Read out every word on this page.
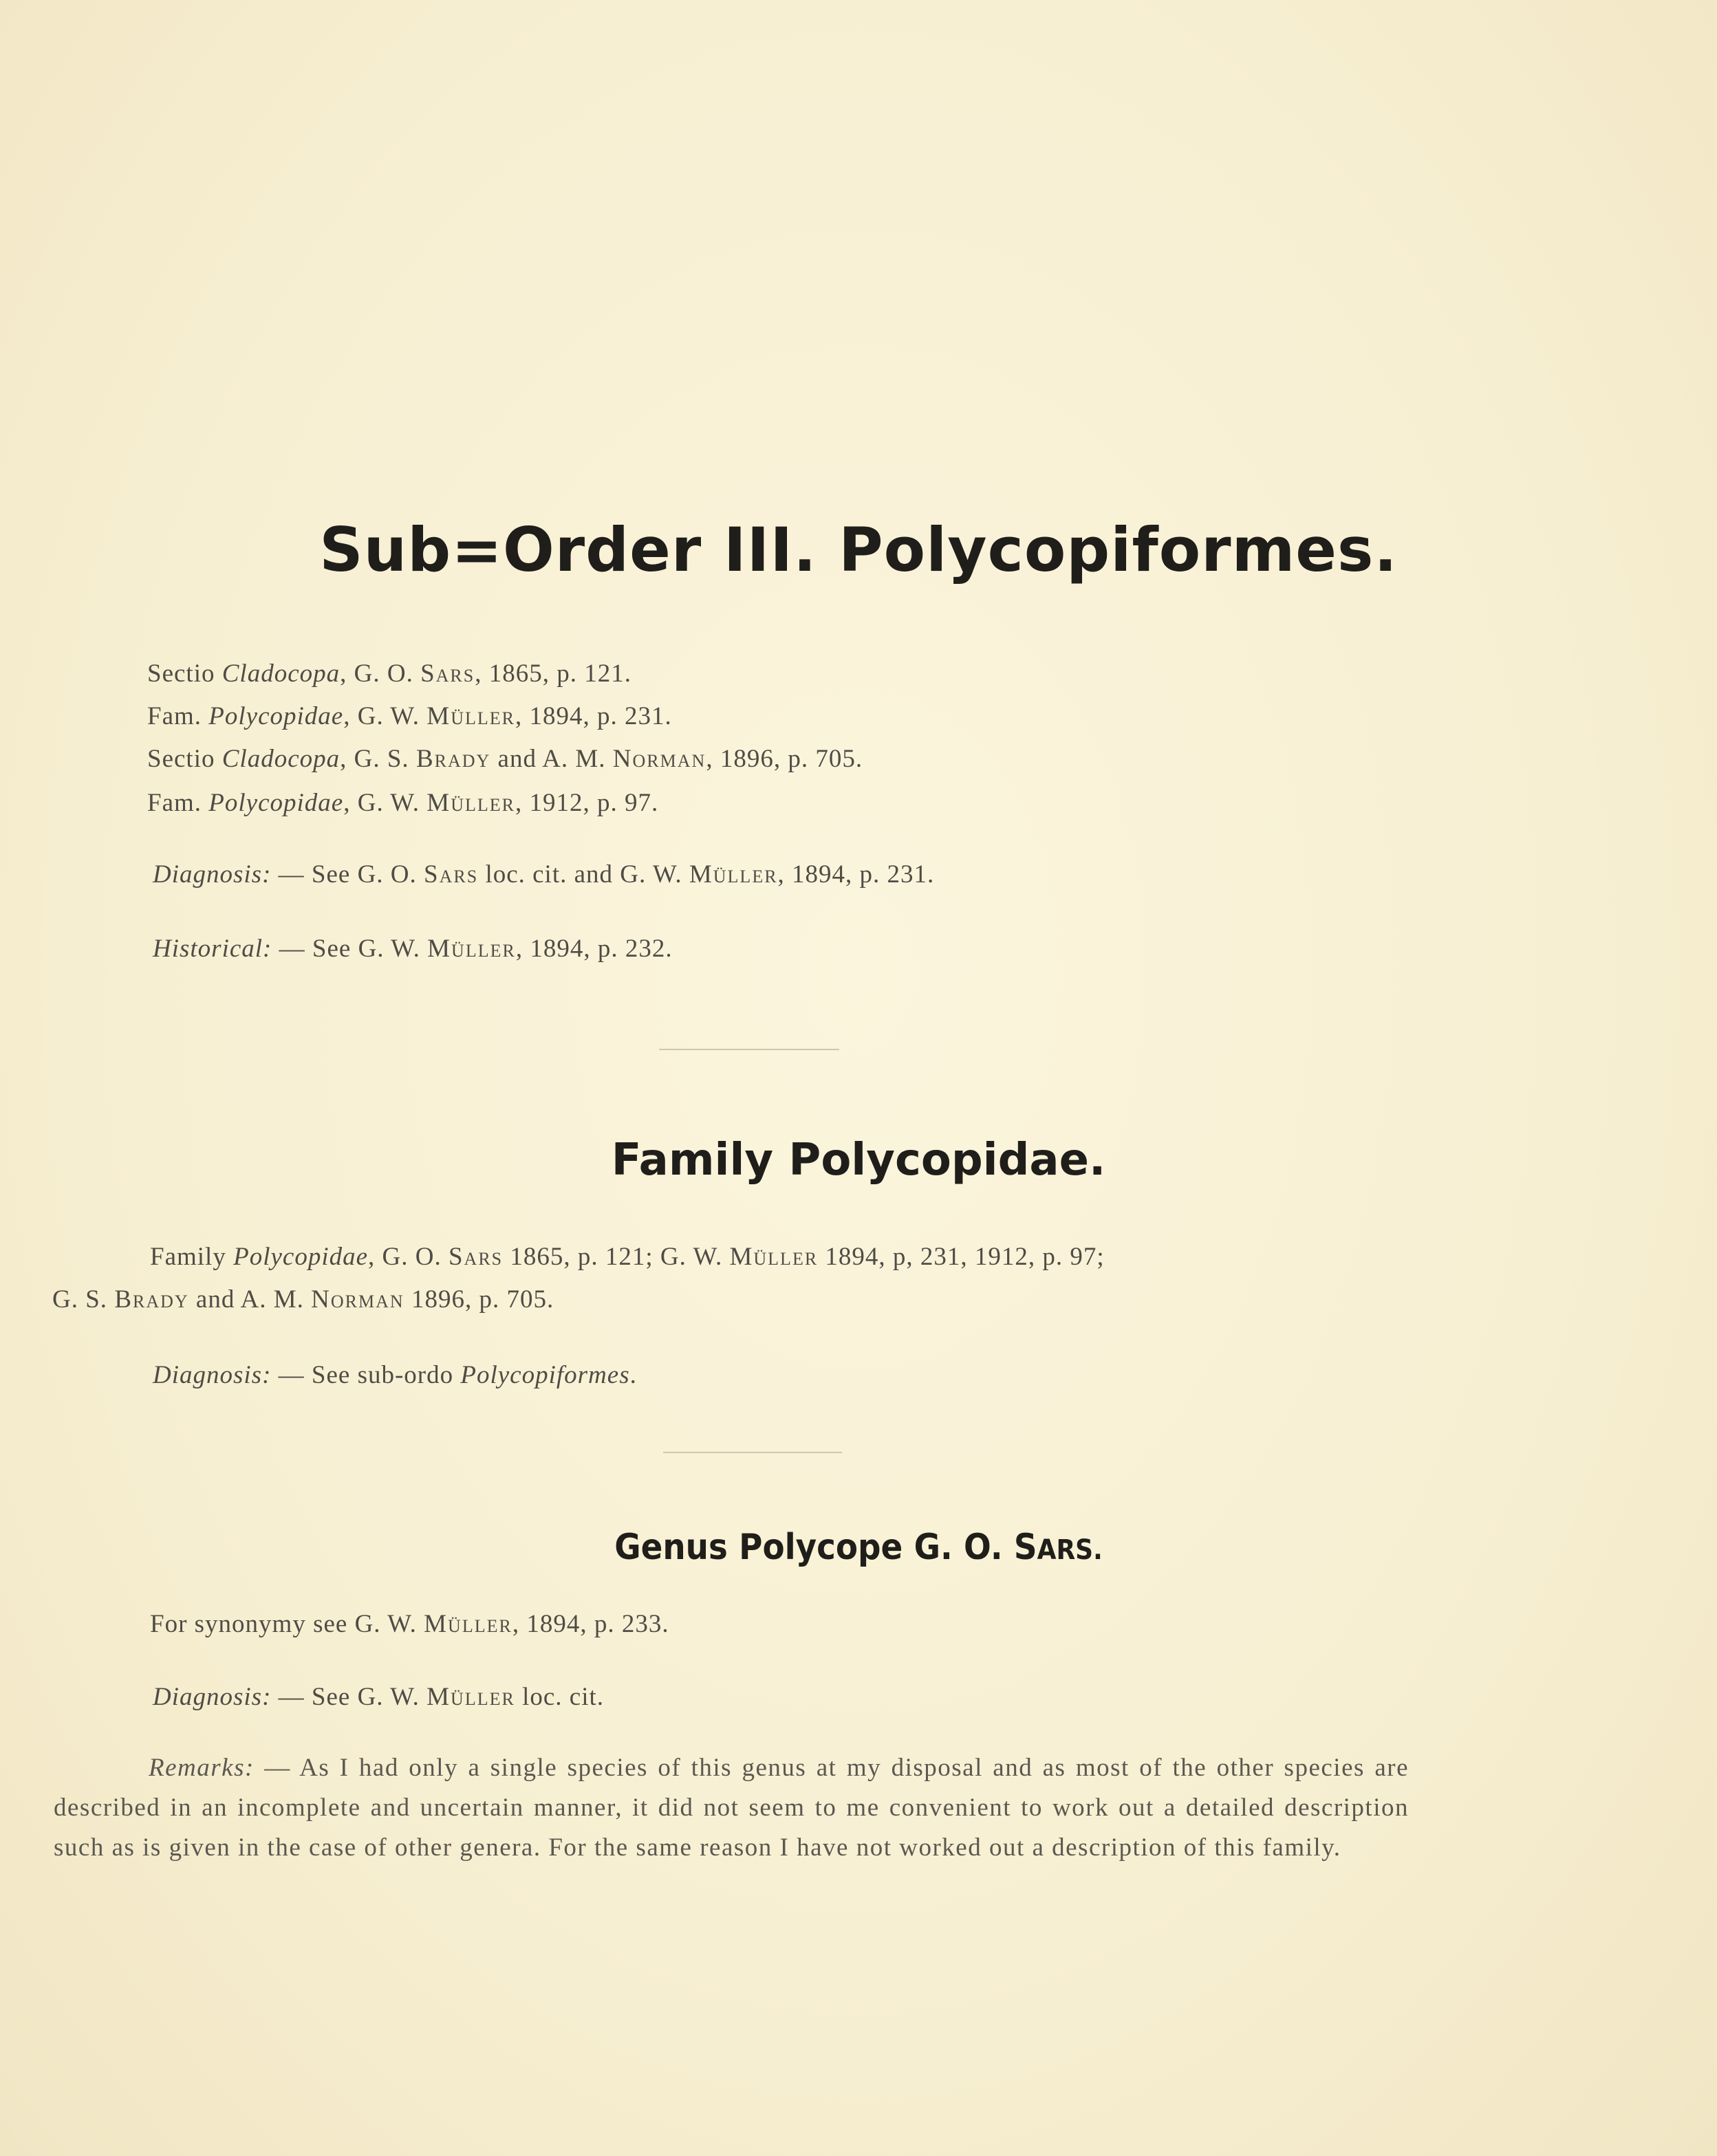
Sub=Order III. Polycopiformes.

Sectio Cladocopa, G. O. Sars, 1865, p. 121.

Fam. Polycopidae, G. W. Müller, 1894, p. 231.

Sectio Cladocopa, G. S. Brady and A. M. Norman, 1896, p. 705.

Fam. Polycopidae, G. W. Müller, 1912, p. 97.

Diagnosis: — See G. O. Sars loc. cit. and G. W. Müller, 1894, p. 231.

Historical: — See G. W. Müller, 1894, p. 232.

Family Polycopidae.

Family Polycopidae, G. O. Sars 1865, p. 121; G. W. Müller 1894, p, 231, 1912, p. 97;

G. S. Brady and A. M. Norman 1896, p. 705.

Diagnosis: — See sub-ordo Polycopiformes.

Genus Polycope G. O. SARS.

For synonymy see G. W. Müller, 1894, p. 233.

Diagnosis: — See G. W. Müller loc. cit.

Remarks: — As I had only a single species of this genus at my disposal and as most of the other species are described in an incomplete and uncertain manner, it did not seem to me convenient to work out a detailed description such as is given in the case of other genera. For the same reason I have not worked out a description of this family.
